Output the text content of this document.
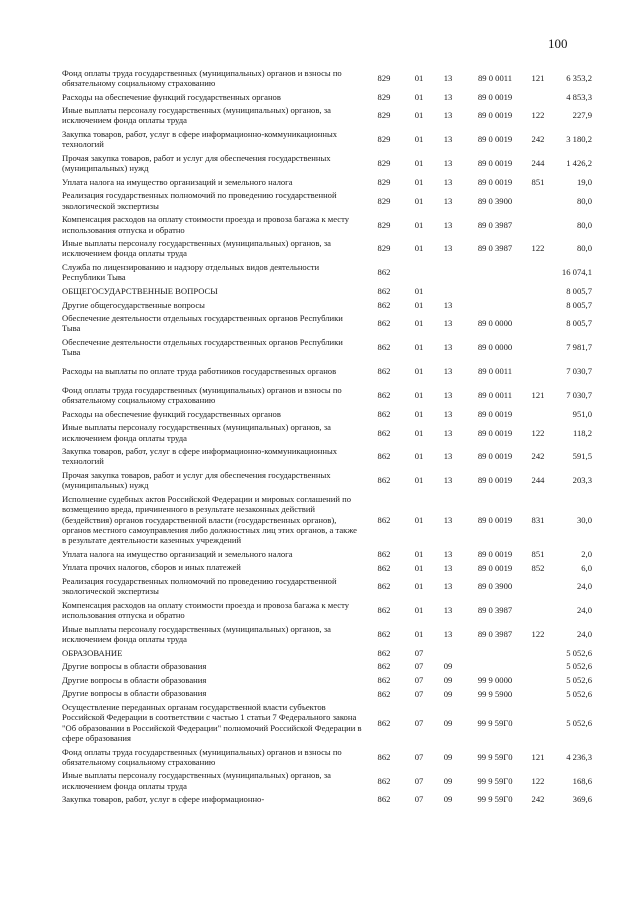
100
Фонд оплаты труда государственных (муниципальных) органов и взносы по обязательному социальному страхованию	829	01	13	89 0 0011	121	6 353,2
Расходы на обеспечение функций государственных органов	829	01	13	89 0 0019	4 853,3
Иные выплаты персоналу государственных (муниципальных) органов, за исключением фонда оплаты труда	829	01	13	89 0 0019	122	227,9
Закупка товаров, работ, услуг в сфере информационно-коммуникационных технологий	829	01	13	89 0 0019	242	3 180,2
Прочая закупка товаров, работ и услуг для обеспечения государственных (муниципальных) нужд	829	01	13	89 0 0019	244	1 426,2
Уплата налога на имущество организаций и земельного налога	829	01	13	89 0 0019	851	19,0
Реализация государственных полномочий по проведению государственной экологической экспертизы	829	01	13	89 0 3900	80,0
Компенсация расходов на оплату стоимости проезда и провоза багажа к месту использования отпуска и обратно	829	01	13	89 0 3987	80,0
Иные выплаты персоналу государственных (муниципальных) органов, за исключением фонда оплаты труда	829	01	13	89 0 3987	122	80,0
Служба по лицензированию и надзору отдельных видов деятельности Республики Тыва	862	16 074,1
ОБЩЕГОСУДАРСТВЕННЫЕ ВОПРОСЫ	862	01	8 005,7
Другие общегосударственные вопросы	862	01	13	8 005,7
Обеспечение деятельности отдельных государственных органов Республики Тыва	862	01	13	89 0 0000	8 005,7
Обеспечение деятельности отдельных государственных органов Республики Тыва	862	01	13	89 0 0000	7 981,7
Расходы на выплаты по оплате труда работников государственных органов	862	01	13	89 0 0011	7 030,7
Фонд оплаты труда государственных (муниципальных) органов и взносы по обязательному социальному страхованию	862	01	13	89 0 0011	121	7 030,7
Расходы на обеспечение функций государственных органов	862	01	13	89 0 0019	951,0
Иные выплаты персоналу государственных (муниципальных) органов, за исключением фонда оплаты труда	862	01	13	89 0 0019	122	118,2
Закупка товаров, работ, услуг в сфере информационно-коммуникационных технологий	862	01	13	89 0 0019	242	591,5
Прочая закупка товаров, работ и услуг для обеспечения государственных (муниципальных) нужд	862	01	13	89 0 0019	244	203,3
Исполнение судебных актов Российской Федерации и мировых соглашений по возмещению вреда, причиненного в результате незаконных действий (бездействия) органов государственной власти (государственных органов), органов местного самоуправления либо должностных лиц этих органов, а также в результате деятельности казенных учреждений
862	01	13	89 0 0019	831	30,0
Уплата налога на имущество организаций и земельного налога	862	01	13	89 0 0019	851	2,0
Уплата прочих налогов, сборов и иных платежей	862	01	13	89 0 0019	852	6,0
Реализация государственных полномочий по проведению государственной экологической экспертизы	862	01	13	89 0 3900	24,0
Компенсация расходов на оплату стоимости проезда и провоза багажа к месту использования отпуска и обратно	862	01	13	89 0 3987	24,0
Иные выплаты персоналу государственных (муниципальных) органов, за исключением фонда оплаты труда	862	01	13	89 0 3987	122	24,0
ОБРАЗОВАНИЕ	862	07	5 052,6
Другие вопросы в области образования	862	07	09	5 052,6
Другие вопросы в области образования	862	07	09	99 9 0000	5 052,6
Другие вопросы в области образования	862	07	09	99 9 5900	5 052,6
Осуществление переданных органам государственной власти субъектов Российской Федерации в соответствии с частью 1 статьи 7 Федерального закона "Об образовании в Российской Федерации" полномочий Российской Федерации в сфере образования
862	07	09	99 9 59Г0	5 052,6
Фонд оплаты труда государственных (муниципальных) органов и взносы по обязательному социальному страхованию	862	07	09	99 9 59Г0	121	4 236,3
Иные выплаты персоналу государственных (муниципальных) органов, за исключением фонда оплаты труда	862	07	09	99 9 59Г0	122	168,6
Закупка товаров, работ, услуг в сфере информационно-	862	07	09	99 9 59Г0	242	369,6
